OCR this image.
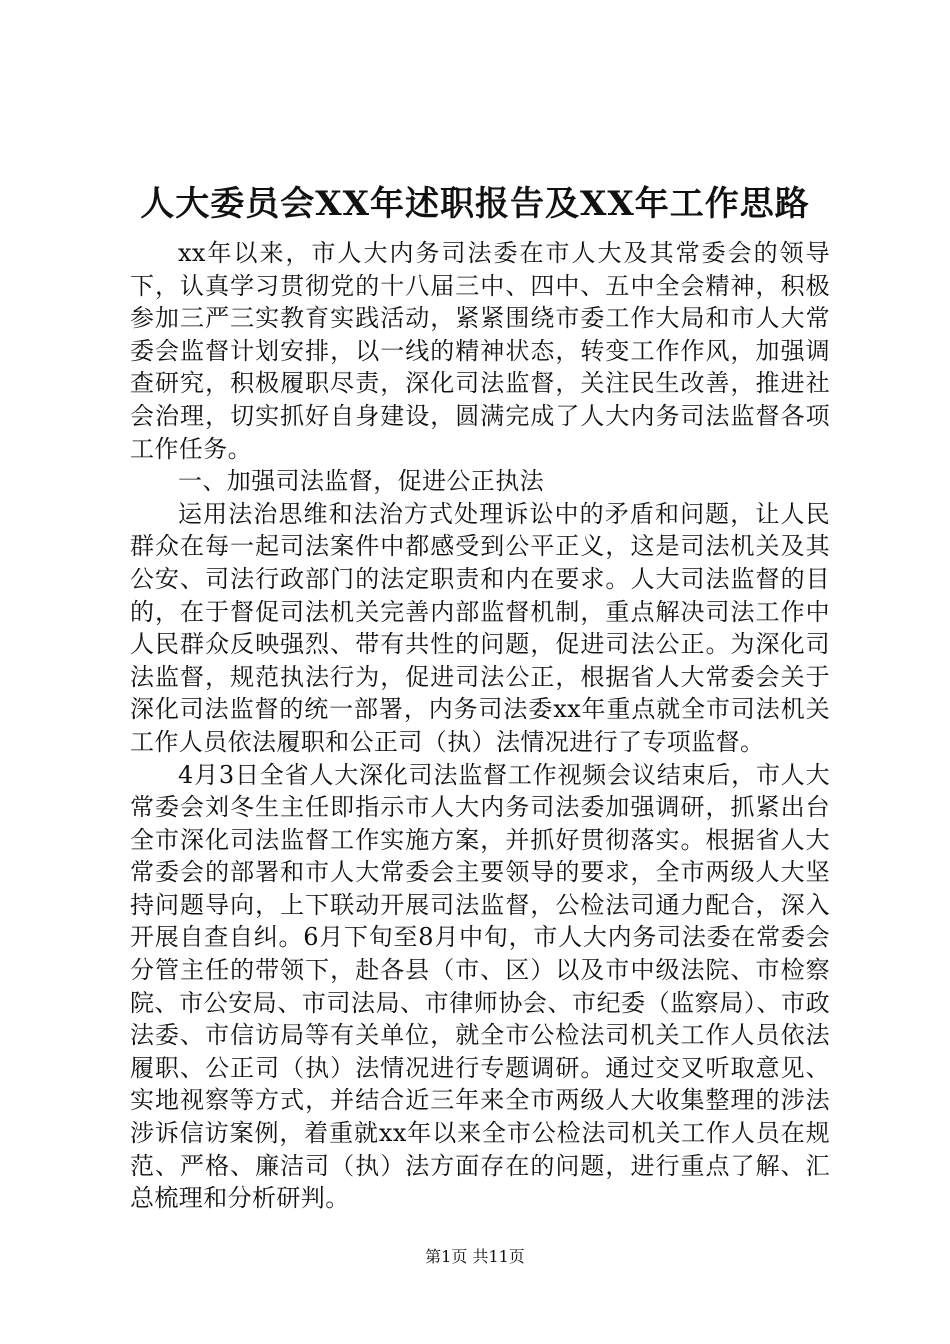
人大委员会XX年述职报告及XX年工作思路

xx年以来，市人大内务司法委在市人大及其常委会的领导下，认真学习贯彻党的十八届三中、四中、五中全会精神，积极参加三严三实教育实践活动，紧紧围绕市委工作大局和市人大常委会监督计划安排，以一线的精神状态，转变工作作风，加强调查研究，积极履职尽责，深化司法监督，关注民生改善，推进社会治理，切实抓好自身建设，圆满完成了人大内务司法监督各项工作任务。

一、加强司法监督，促进公正执法

运用法治思维和法治方式处理诉讼中的矛盾和问题，让人民群众在每一起司法案件中都感受到公平正义，这是司法机关及其公安、司法行政部门的法定职责和内在要求。人大司法监督的目的，在于督促司法机关完善内部监督机制，重点解决司法工作中人民群众反映强烈、带有共性的问题，促进司法公正。为深化司法监督，规范执法行为，促进司法公正，根据省人大常委会关于深化司法监督的统一部署，内务司法委xx年重点就全市司法机关工作人员依法履职和公正司（执）法情况进行了专项监督。

4月3日全省人大深化司法监督工作视频会议结束后，市人大常委会刘冬生主任即指示市人大内务司法委加强调研，抓紧出台全市深化司法监督工作实施方案，并抓好贯彻落实。根据省人大常委会的部署和市人大常委会主要领导的要求，全市两级人大坚持问题导向，上下联动开展司法监督，公检法司通力配合，深入开展自查自纠。6月下旬至8月中旬，市人大内务司法委在常委会分管主任的带领下，赴各县（市、区）以及市中级法院、市检察院、市公安局、市司法局、市律师协会、市纪委（监察局）、市政法委、市信访局等有关单位，就全市公检法司机关工作人员依法履职、公正司（执）法情况进行专题调研。通过交叉听取意见、实地视察等方式，并结合近三年来全市两级人大收集整理的涉法涉诉信访案例，着重就xx年以来全市公检法司机关工作人员在规范、严格、廉洁司（执）法方面存在的问题，进行重点了解、汇总梳理和分析研判。

第1页 共11页
